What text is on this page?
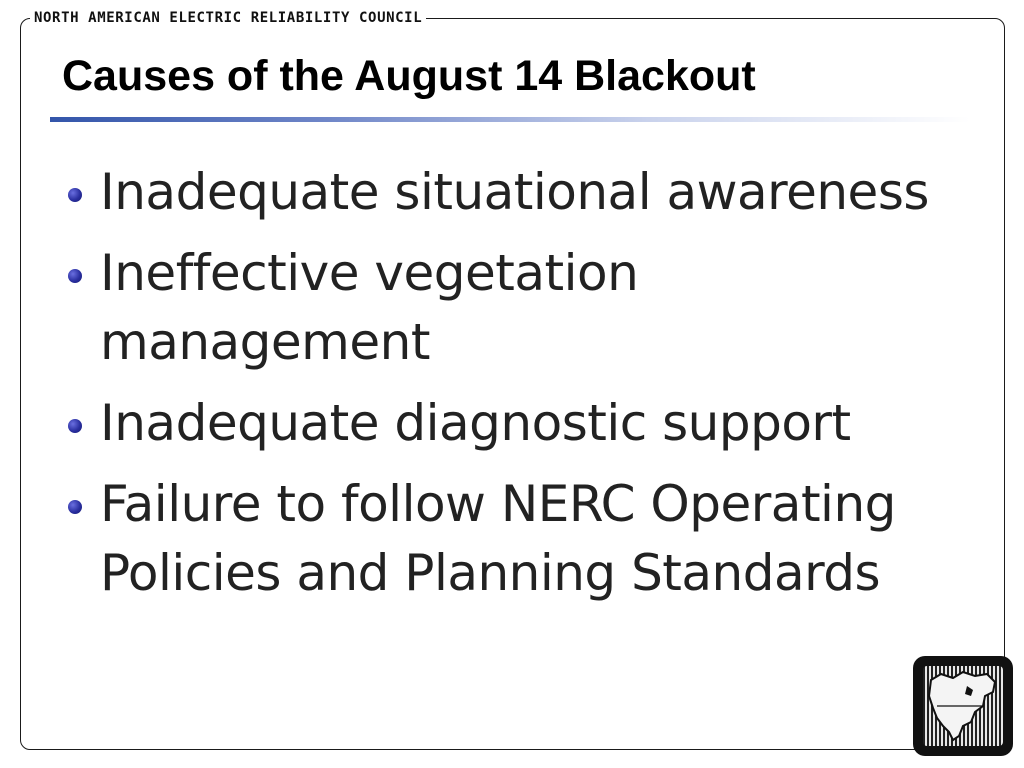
NORTH AMERICAN ELECTRIC RELIABILITY COUNCIL
Causes of the August 14 Blackout
Inadequate situational awareness
Ineffective vegetation management
Inadequate diagnostic support
Failure to follow NERC Operating Policies and Planning Standards
